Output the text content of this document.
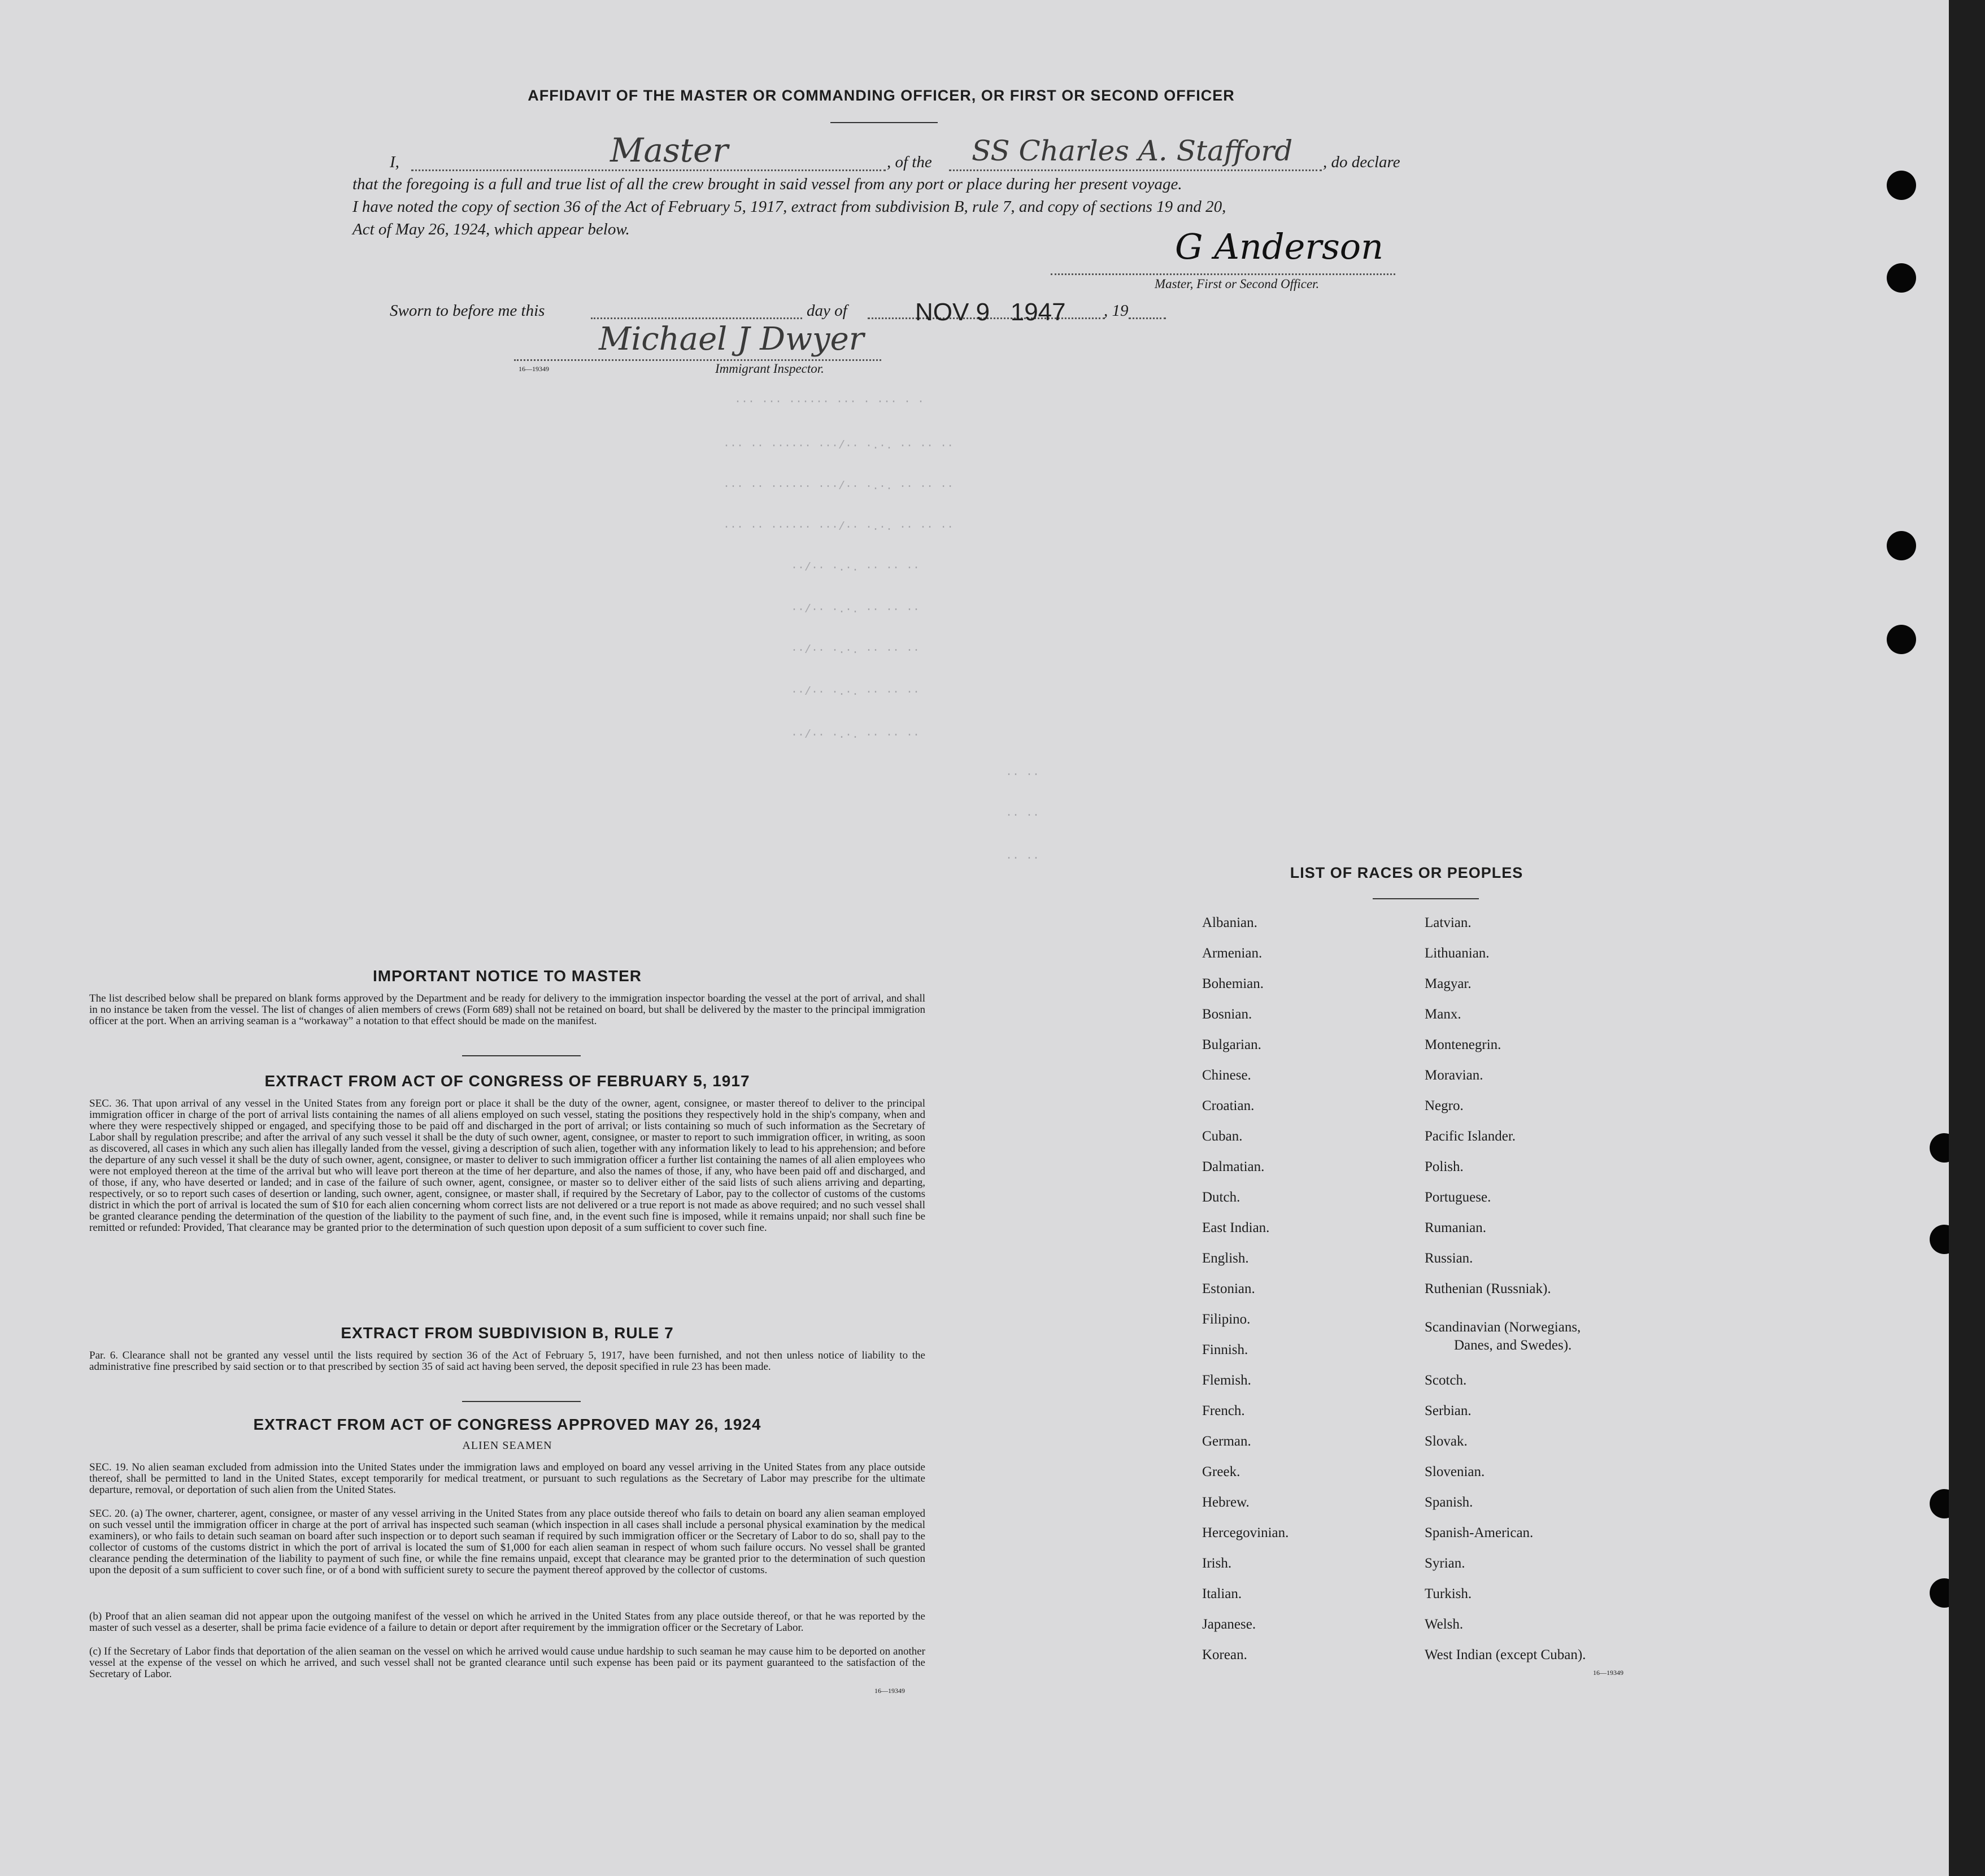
··· ··· ······ ··· · ··· · ·
··· ·· ······ ···/·· ·.·. ·· ·· ··
··· ·· ······ ···/·· ·.·. ·· ·· ··
··· ·· ······ ···/·· ·.·. ·· ·· ··
··/·· ·.·. ·· ·· ··
··/·· ·.·. ·· ·· ··
··/·· ·.·. ·· ·· ··
··/·· ·.·. ·· ·· ··
··/·· ·.·. ·· ·· ··
·· ··
·· ··
·· ··
AFFIDAVIT OF THE MASTER OR COMMANDING OFFICER, OR FIRST OR SECOND OFFICER
I,	Master	, of the SS Charles A. Stafford , do declare
that the foregoing is a full and true list of all the crew brought in said vessel from any port or place during her present voyage.
I have noted the copy of section 36 of the Act of February 5, 1917, extract from subdivision B, rule 7, and copy of sections 19 and 20,
Act of May 26, 1924, which appear below.	G Anderson
Master, First or Second Officer.
Sworn to before me this	day of	NOV 9   1947 , 19
Michael J Dwyer
16—19349	Immigrant Inspector.
IMPORTANT NOTICE TO MASTER
The list described below shall be prepared on blank forms approved by the Department and be ready for delivery to the immigration inspector boarding the vessel at the port of arrival, and shall in no instance be taken from the vessel. The list of changes of alien members of crews (Form 689) shall not be retained on board, but shall be delivered by the master to the principal immigration officer at the port. When an arriving seaman is a “workaway” a notation to that effect should be made on the manifest.
EXTRACT FROM ACT OF CONGRESS OF FEBRUARY 5, 1917
SEC. 36. That upon arrival of any vessel in the United States from any foreign port or place it shall be the duty of the owner, agent, consignee, or master thereof to deliver to the principal immigration officer in charge of the port of arrival lists containing the names of all aliens employed on such vessel, stating the positions they respectively hold in the ship's company, when and where they were respectively shipped or engaged, and specifying those to be paid off and discharged in the port of arrival; or lists containing so much of such information as the Secretary of Labor shall by regulation prescribe; and after the arrival of any such vessel it shall be the duty of such owner, agent, consignee, or master to report to such immigration officer, in writing, as soon as discovered, all cases in which any such alien has illegally landed from the vessel, giving a description of such alien, together with any information likely to lead to his apprehension; and before the departure of any such vessel it shall be the duty of such owner, agent, consignee, or master to deliver to such immigration officer a further list containing the names of all alien employees who were not employed thereon at the time of the arrival but who will leave port thereon at the time of her departure, and also the names of those, if any, who have been paid off and discharged, and of those, if any, who have deserted or landed; and in case of the failure of such owner, agent, consignee, or master so to deliver either of the said lists of such aliens arriving and departing, respectively, or so to report such cases of desertion or landing, such owner, agent, consignee, or master shall, if required by the Secretary of Labor, pay to the collector of customs of the customs district in which the port of arrival is located the sum of $10 for each alien concerning whom correct lists are not delivered or a true report is not made as above required; and no such vessel shall be granted clearance pending the determination of the question of the liability to the payment of such fine, and, in the event such fine is imposed, while it remains unpaid; nor shall such fine be remitted or refunded: Provided, That clearance may be granted prior to the determination of such question upon deposit of a sum sufficient to cover such fine.
EXTRACT FROM SUBDIVISION B, RULE 7
Par. 6. Clearance shall not be granted any vessel until the lists required by section 36 of the Act of February 5, 1917, have been furnished, and not then unless notice of liability to the administrative fine prescribed by said section or to that prescribed by section 35 of said act having been served, the deposit specified in rule 23 has been made.
EXTRACT FROM ACT OF CONGRESS APPROVED MAY 26, 1924
ALIEN SEAMEN
SEC. 19. No alien seaman excluded from admission into the United States under the immigration laws and employed on board any vessel arriving in the United States from any place outside thereof, shall be permitted to land in the United States, except temporarily for medical treatment, or pursuant to such regulations as the Secretary of Labor may prescribe for the ultimate departure, removal, or deportation of such alien from the United States.
SEC. 20. (a) The owner, charterer, agent, consignee, or master of any vessel arriving in the United States from any place outside thereof who fails to detain on board any alien seaman employed on such vessel until the immigration officer in charge at the port of arrival has inspected such seaman (which inspection in all cases shall include a personal physical examination by the medical examiners), or who fails to detain such seaman on board after such inspection or to deport such seaman if required by such immigration officer or the Secretary of Labor to do so, shall pay to the collector of customs of the customs district in which the port of arrival is located the sum of $1,000 for each alien seaman in respect of whom such failure occurs. No vessel shall be granted clearance pending the determination of the liability to payment of such fine, or while the fine remains unpaid, except that clearance may be granted prior to the determination of such question upon the deposit of a sum sufficient to cover such fine, or of a bond with sufficient surety to secure the payment thereof approved by the collector of customs.
(b) Proof that an alien seaman did not appear upon the outgoing manifest of the vessel on which he arrived in the United States from any place outside thereof, or that he was reported by the master of such vessel as a deserter, shall be prima facie evidence of a failure to detain or deport after requirement by the immigration officer or the Secretary of Labor.
(c) If the Secretary of Labor finds that deportation of the alien seaman on the vessel on which he arrived would cause undue hardship to such seaman he may cause him to be deported on another vessel at the expense of the vessel on which he arrived, and such vessel shall not be granted clearance until such expense has been paid or its payment guaranteed to the satisfaction of the Secretary of Labor.
16—19349
LIST OF RACES OR PEOPLES
Albanian.
Armenian.
Bohemian.
Bosnian.
Bulgarian.
Chinese.
Croatian.
Cuban.
Dalmatian.
Dutch.
East Indian.
English.
Estonian.
Filipino.
Finnish.
Flemish.
French.
German.
Greek.
Hebrew.
Hercegovinian.
Irish.
Italian.
Japanese.
Korean.
Latvian.
Lithuanian.
Magyar.
Manx.
Montenegrin.
Moravian.
Negro.
Pacific Islander.
Polish.
Portuguese.
Rumanian.
Russian.
Ruthenian (Russniak).
Scandinavian (Norwegians,
Danes, and Swedes).
Scotch.
Serbian.
Slovak.
Slovenian.
Spanish.
Spanish-American.
Syrian.
Turkish.
Welsh.
West Indian (except Cuban).
16—19349
